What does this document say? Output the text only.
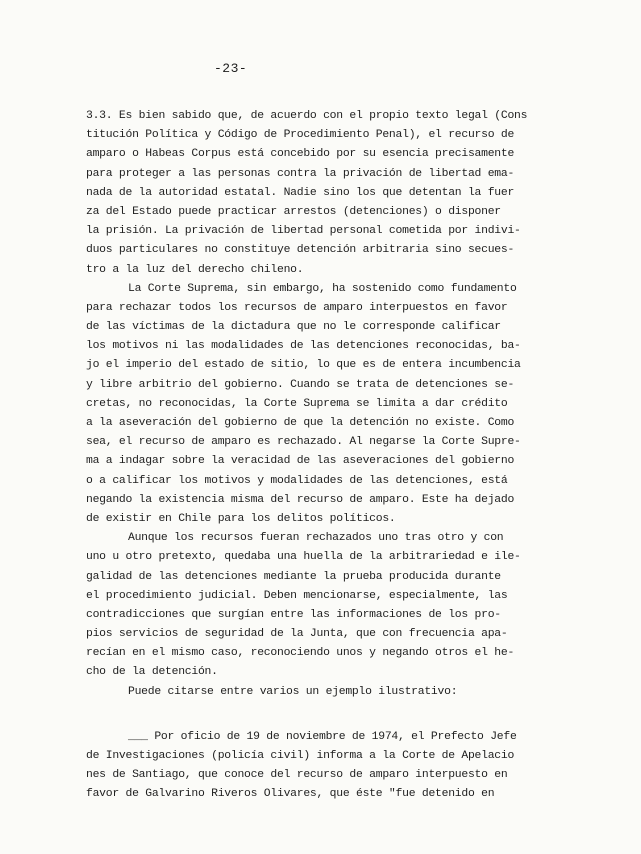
-23-
3.3. Es bien sabido que, de acuerdo con el propio texto legal (Cons
titución Política y Código de Procedimiento Penal), el recurso de
amparo o Habeas Corpus está concebido por su esencia precisamente
para proteger a las personas contra la privación de libertad ema-
nada de la autoridad estatal. Nadie sino los que detentan la fuer
za del Estado puede practicar arrestos (detenciones) o disponer
la prisión. La privación de libertad personal cometida por indivi-
duos particulares no constituye detención arbitraria sino secues-
tro a la luz del derecho chileno.
La Corte Suprema, sin embargo, ha sostenido como fundamento
para rechazar todos los recursos de amparo interpuestos en favor
de las víctimas de la dictadura que no le corresponde calificar
los motivos ni las modalidades de las detenciones reconocidas, ba-
jo el imperio del estado de sitio, lo que es de entera incumbencia
y libre arbitrio del gobierno. Cuando se trata de detenciones se-
cretas, no reconocidas, la Corte Suprema se limita a dar crédito
a la aseveración del gobierno de que la detención no existe. Como
sea, el recurso de amparo es rechazado. Al negarse la Corte Supre-
ma a indagar sobre la veracidad de las aseveraciones del gobierno
o a calificar los motivos y modalidades de las detenciones, está
negando la existencia misma del recurso de amparo. Este ha dejado
de existir en Chile para los delitos políticos.
Aunque los recursos fueran rechazados uno tras otro y con
uno u otro pretexto, quedaba una huella de la arbitrariedad e ile-
galidad de las detenciones mediante la prueba producida durante
el procedimiento judicial. Deben mencionarse, especialmente, las
contradicciones que surgían entre las informaciones de los pro-
pios servicios de seguridad de la Junta, que con frecuencia apa-
recían en el mismo caso, reconociendo unos y negando otros el he-
cho de la detención.
Puede citarse entre varios un ejemplo ilustrativo:
___ Por oficio de 19 de noviembre de 1974, el Prefecto Jefe
de Investigaciones (policía civil) informa a la Corte de Apelacio
nes de Santiago, que conoce del recurso de amparo interpuesto en
favor de Galvarino Riveros Olivares, que éste "fue detenido en
